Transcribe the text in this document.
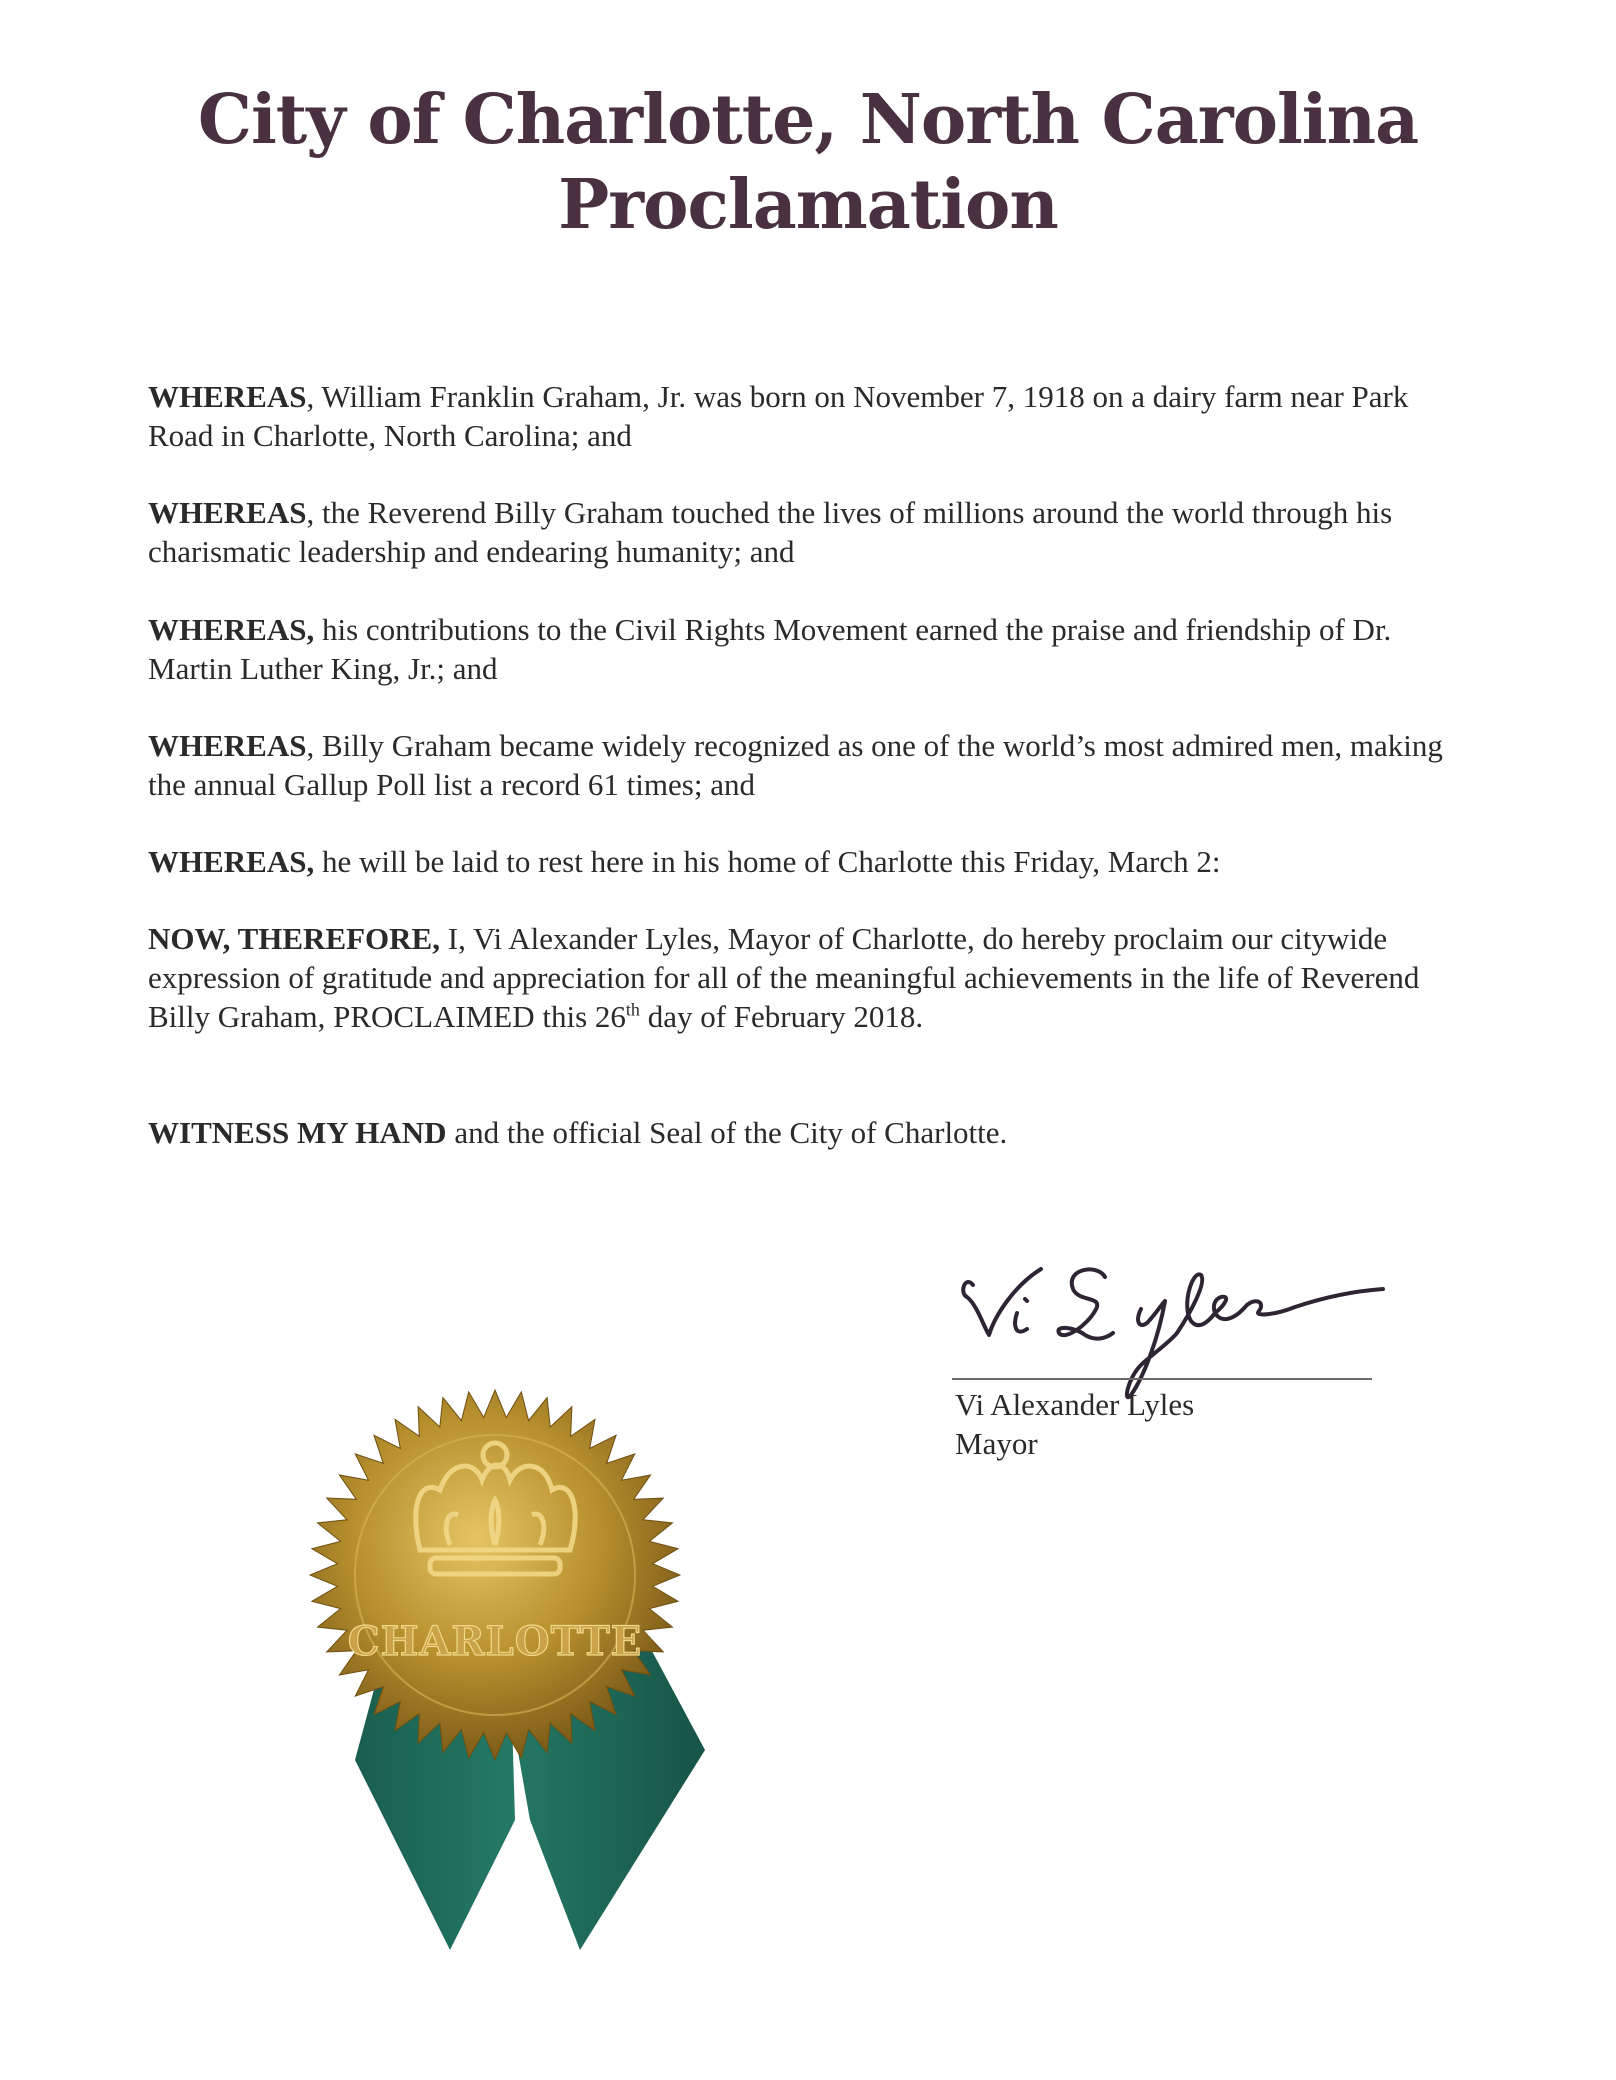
City of Charlotte, North Carolina
Proclamation

WHEREAS, William Franklin Graham, Jr. was born on November 7, 1918 on a dairy farm near Park Road in Charlotte, North Carolina; and

WHEREAS, the Reverend Billy Graham touched the lives of millions around the world through his charismatic leadership and endearing humanity; and

WHEREAS, his contributions to the Civil Rights Movement earned the praise and friendship of Dr. Martin Luther King, Jr.; and

WHEREAS, Billy Graham became widely recognized as one of the world’s most admired men, making the annual Gallup Poll list a record 61 times; and

WHEREAS, he will be laid to rest here in his home of Charlotte this Friday, March 2:

NOW, THEREFORE, I, Vi Alexander Lyles, Mayor of Charlotte, do hereby proclaim our citywide expression of gratitude and appreciation for all of the meaningful achievements in the life of Reverend Billy Graham, PROCLAIMED this 26th day of February 2018.

WITNESS MY HAND and the official Seal of the City of Charlotte.

Vi Alexander Lyles
Mayor
CHARLOTTE
